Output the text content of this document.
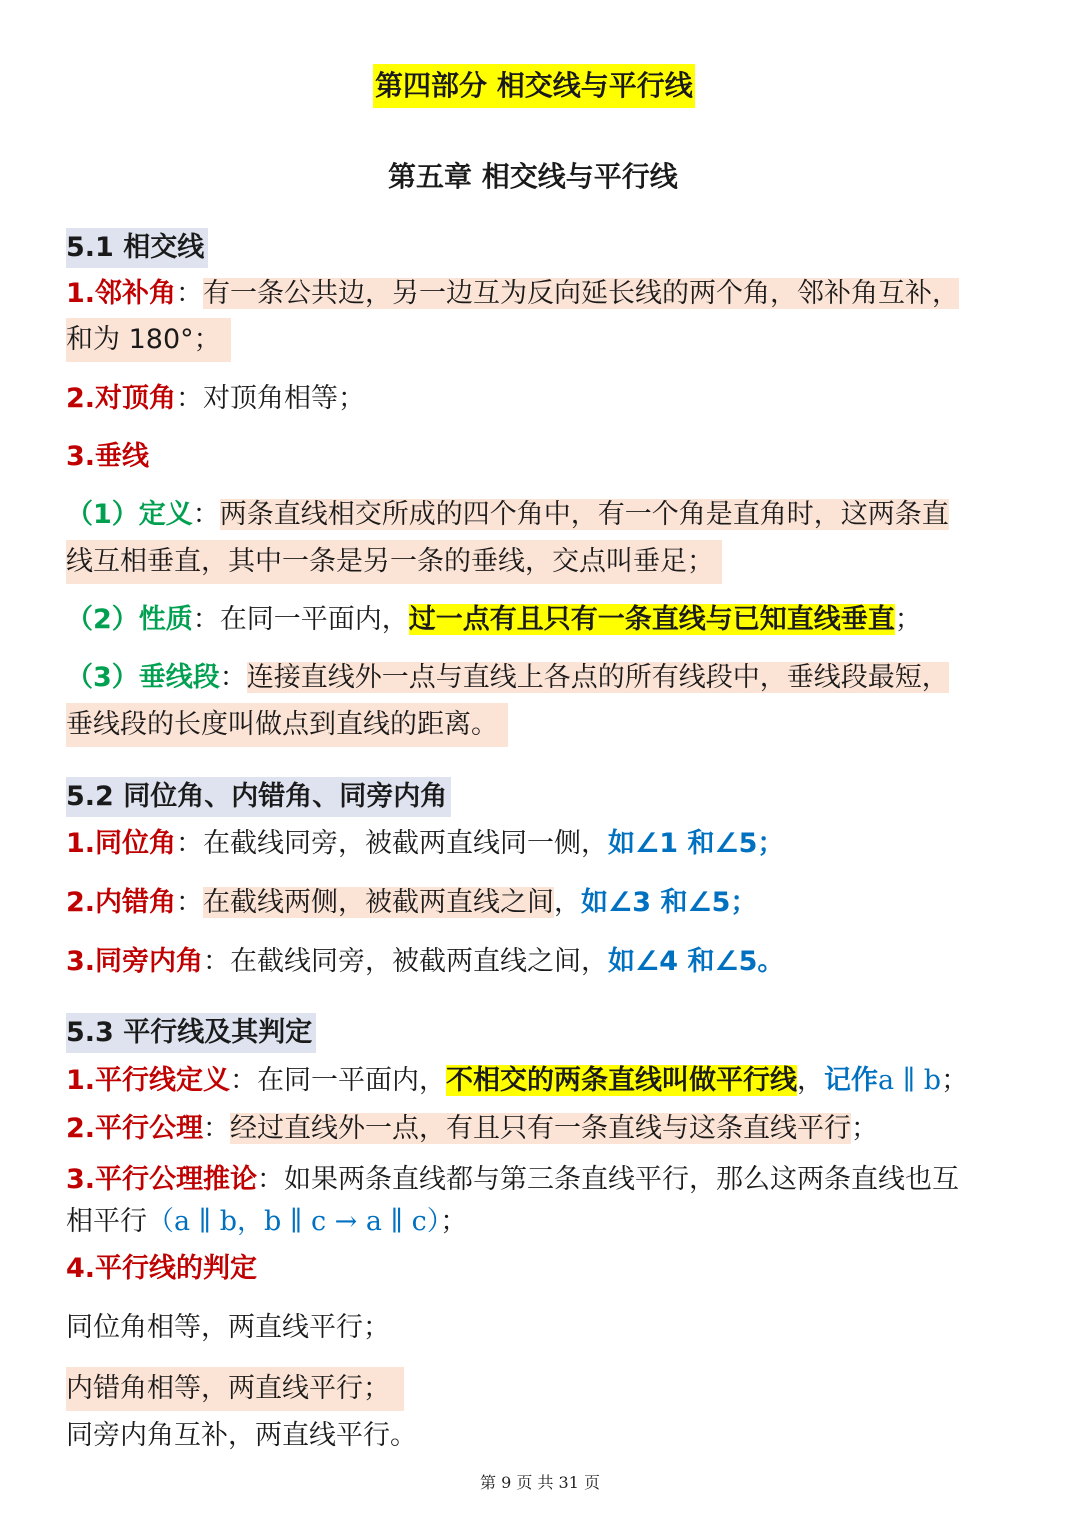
第四部分 相交线与平行线
第五章 相交线与平行线
5.1 相交线
1.邻补角：有一条公共边，另一边互为反向延长线的两个角，邻补角互补，
和为 180°；
2.对顶角：对顶角相等；
3.垂线
（1）定义：两条直线相交所成的四个角中，有一个角是直角时，这两条直
线互相垂直，其中一条是另一条的垂线，交点叫垂足；
（2）性质：在同一平面内，过一点有且只有一条直线与已知直线垂直；
（3）垂线段：连接直线外一点与直线上各点的所有线段中，垂线段最短，
垂线段的长度叫做点到直线的距离。
5.2 同位角、内错角、同旁内角
1.同位角：在截线同旁，被截两直线同一侧，如∠1 和∠5；
2.内错角：在截线两侧，被截两直线之间，如∠3 和∠5；
3.同旁内角：在截线同旁，被截两直线之间，如∠4 和∠5。
5.3 平行线及其判定
1.平行线定义：在同一平面内，不相交的两条直线叫做平行线，记作a ∥ b；
2.平行公理：经过直线外一点，有且只有一条直线与这条直线平行；
3.平行公理推论：如果两条直线都与第三条直线平行，那么这两条直线也互
相平行（a ∥ b，b ∥ c → a ∥ c）；
4.平行线的判定
同位角相等，两直线平行；
内错角相等，两直线平行；
同旁内角互补，两直线平行。
第 9 页 共 31 页
